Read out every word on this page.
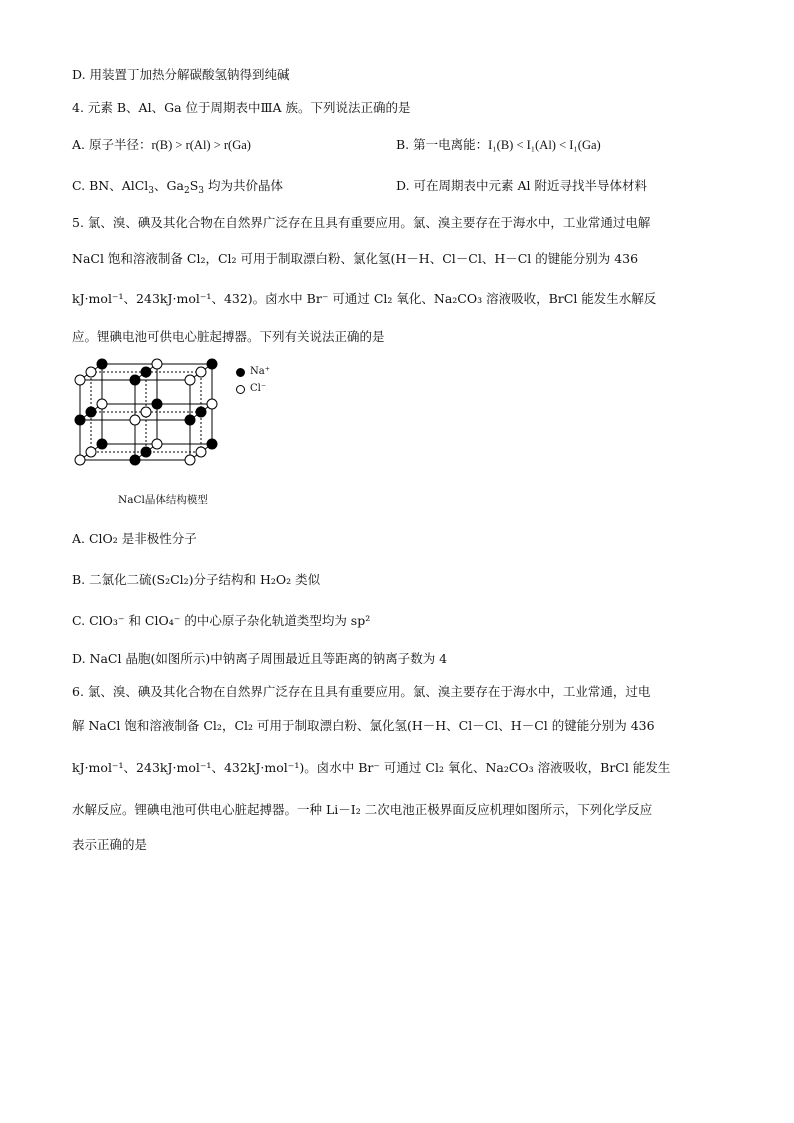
D. 用装置丁加热分解碳酸氢钠得到纯碱
4. 元素 B、Al、Ga 位于周期表中ⅢA 族。下列说法正确的是
A. 原子半径：r(B) > r(Al) > r(Ga)	B. 第一电离能：I₁(B) < I₁(Al) < I₁(Ga)
C. BN、AlCl$_3$、$Ga_2S_3$ 均为共价晶体	D. 可在周期表中元素 Al 附近寻找半导体材料
5. 氯、溴、碘及其化合物在自然界广泛存在且具有重要应用。氯、溴主要存在于海水中，工业常通过电解
NaCl 饱和溶液制备 Cl₂，Cl₂ 可用于制取漂白粉、氯化氢(H－H、Cl－Cl、H－Cl 的键能分别为 436
kJ·mol⁻¹、243kJ·mol⁻¹、432)。卤水中 Br⁻ 可通过 Cl₂ 氧化、Na₂CO₃ 溶液吸收，BrCl 能发生水解反
应。锂碘电池可供电心脏起搏器。下列有关说法正确的是
Na⁺
Cl⁻
NaCl晶体结构模型
A. ClO₂ 是非极性分子
B. 二氯化二硫(S₂Cl₂)分子结构和 H₂O₂ 类似
C. ClO₃⁻ 和 ClO₄⁻ 的中心原子杂化轨道类型均为 sp²
D. NaCl 晶胞(如图所示)中钠离子周围最近且等距离的钠离子数为 4
6. 氯、溴、碘及其化合物在自然界广泛存在且具有重要应用。氯、溴主要存在于海水中，工业常通，过电
解 NaCl 饱和溶液制备 Cl₂，Cl₂ 可用于制取漂白粉、氯化氢(H－H、Cl－Cl、H－Cl 的键能分别为 436
kJ·mol⁻¹、243kJ·mol⁻¹、432kJ·mol⁻¹)。卤水中 Br⁻ 可通过 Cl₂ 氧化、Na₂CO₃ 溶液吸收，BrCl 能发生
水解反应。锂碘电池可供电心脏起搏器。一种 Li－I₂ 二次电池正极界面反应机理如图所示，下列化学反应
表示正确的是
